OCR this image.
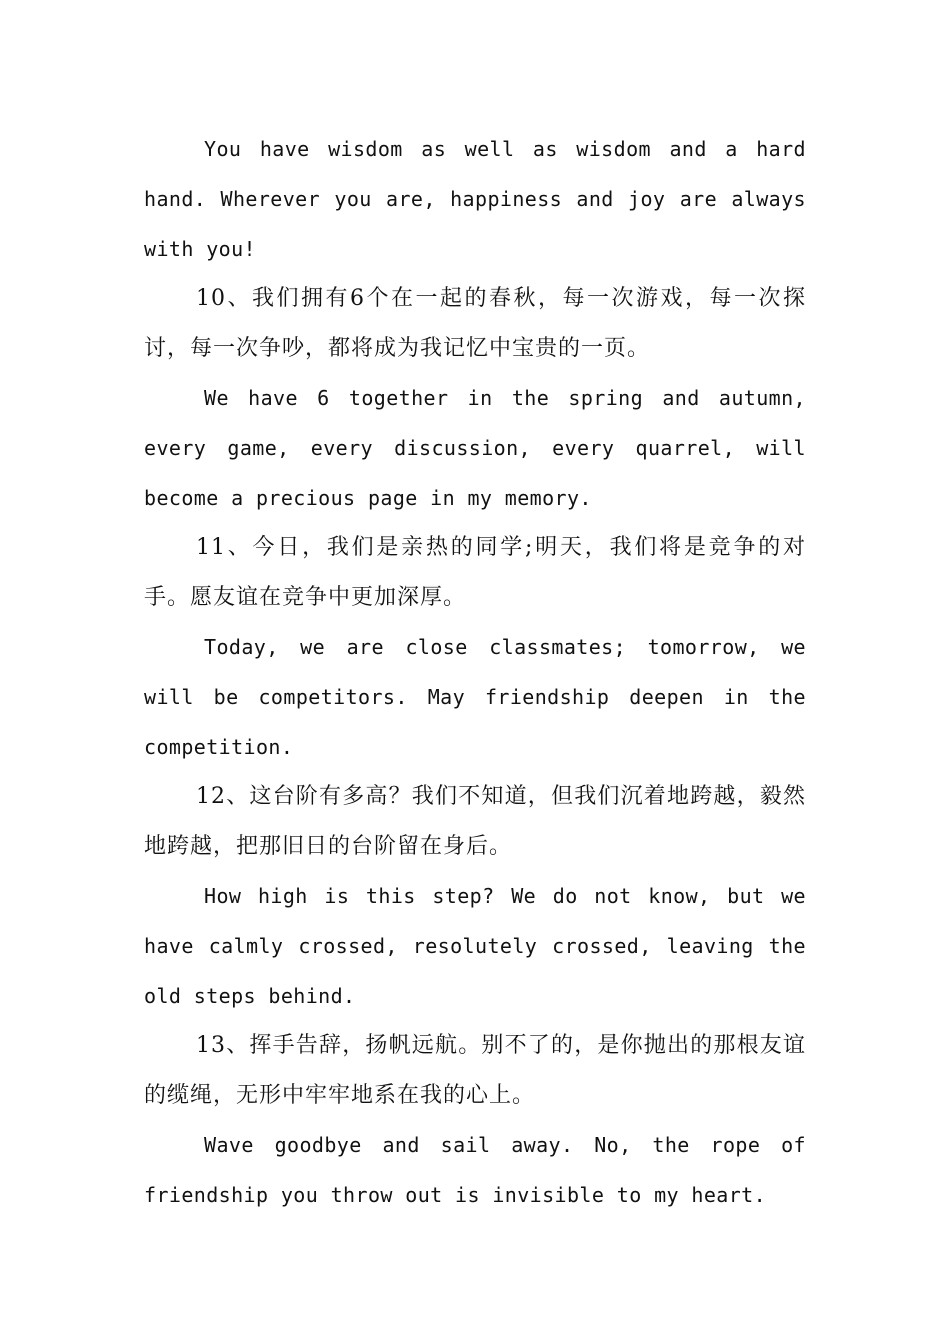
You have wisdom as well as wisdom and a hard hand. Wherever you are, happiness and joy are always with you!

10、我们拥有6个在一起的春秋，每一次游戏，每一次探讨，每一次争吵，都将成为我记忆中宝贵的一页。

We have 6 together in the spring and autumn, every game, every discussion, every quarrel, will become a precious page in my memory.

11、今日，我们是亲热的同学;明天，我们将是竞争的对手。愿友谊在竞争中更加深厚。

Today, we are close classmates; tomorrow, we will be competitors. May friendship deepen in the competition.

12、这台阶有多高？我们不知道，但我们沉着地跨越，毅然地跨越，把那旧日的台阶留在身后。

How high is this step? We do not know, but we have calmly crossed, resolutely crossed, leaving the old steps behind.

13、挥手告辞，扬帆远航。别不了的，是你抛出的那根友谊的缆绳，无形中牢牢地系在我的心上。

Wave goodbye and sail away. No, the rope of friendship you throw out is invisible to my heart.
